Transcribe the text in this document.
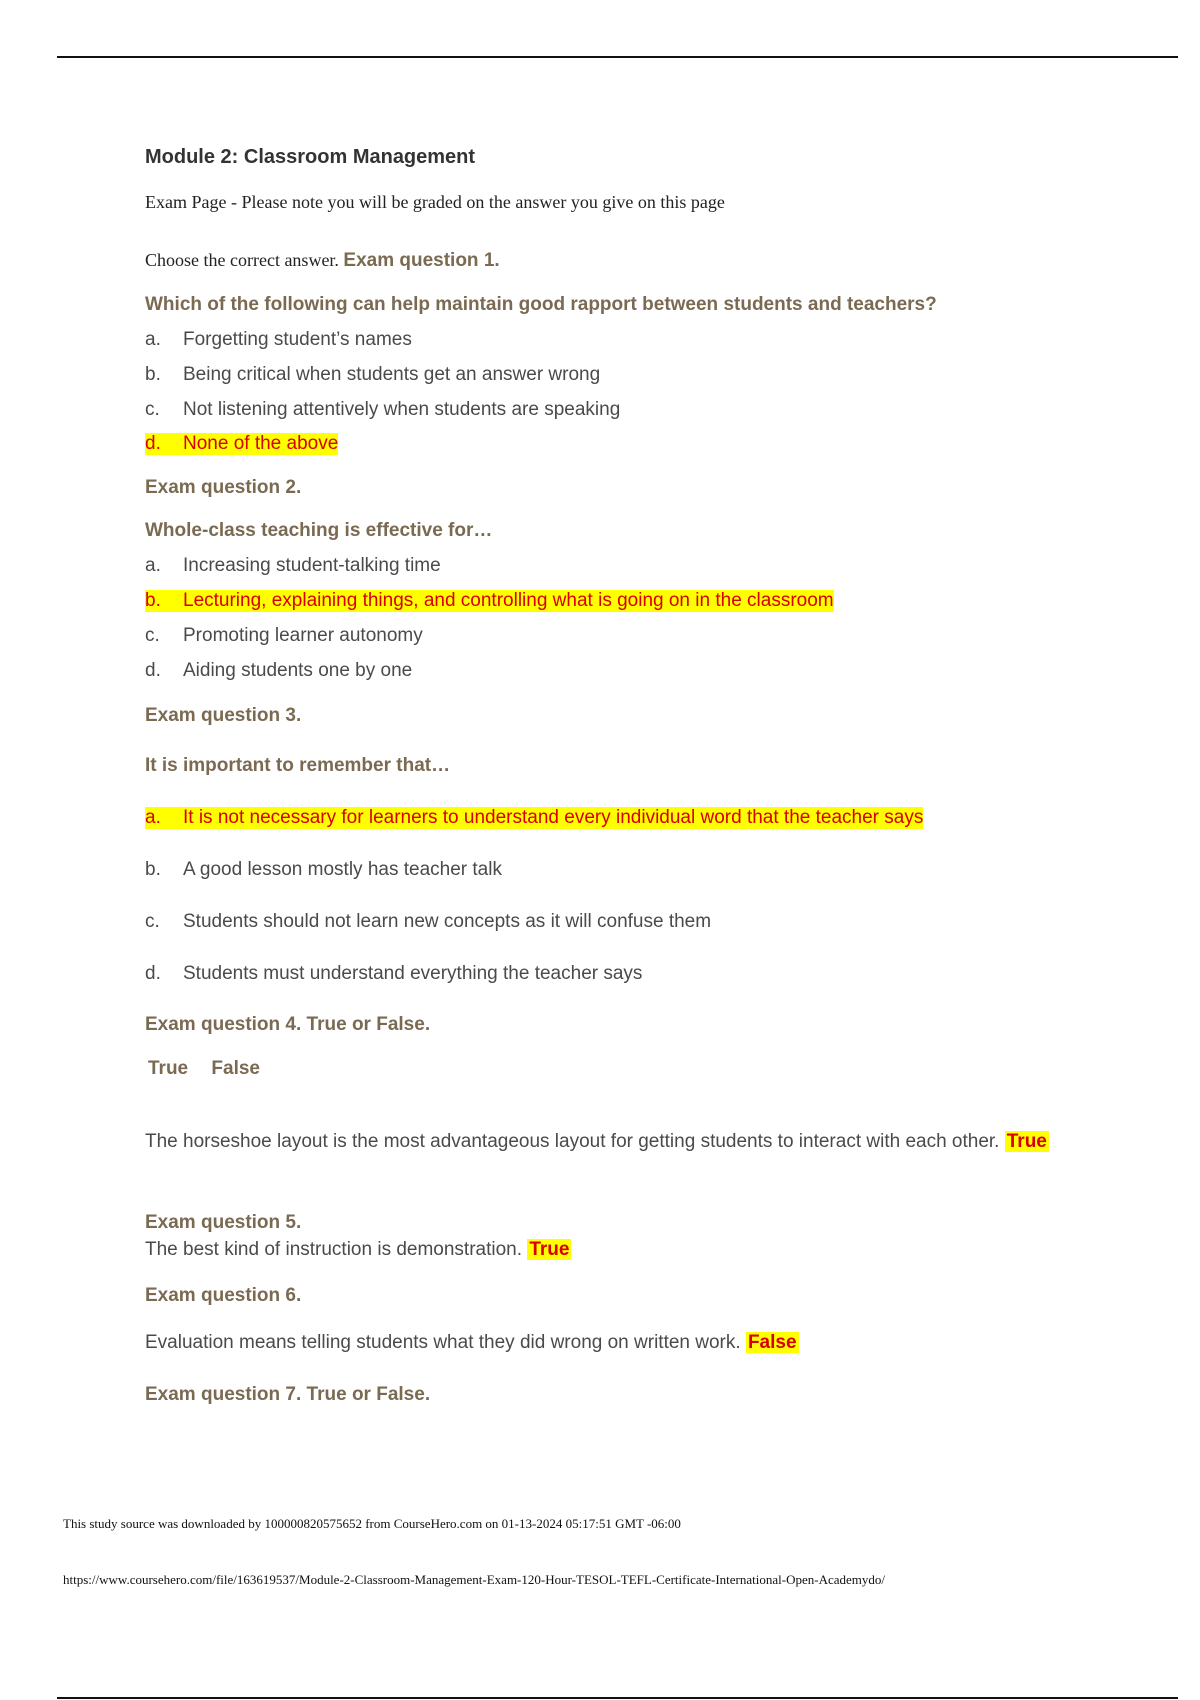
Module 2: Classroom Management
Exam Page - Please note you will be graded on the answer you give on this page
Choose the correct answer. Exam question 1.
Which of the following can help maintain good rapport between students and teachers?
a. Forgetting student’s names
b. Being critical when students get an answer wrong
c. Not listening attentively when students are speaking
d. None of the above
Exam question 2.
Whole-class teaching is effective for…
a. Increasing student-talking time
b. Lecturing, explaining things, and controlling what is going on in the classroom
c. Promoting learner autonomy
d. Aiding students one by one
Exam question 3.
It is important to remember that…
a. It is not necessary for learners to understand every individual word that the teacher says
b. A good lesson mostly has teacher talk
c. Students should not learn new concepts as it will confuse them
d. Students must understand everything the teacher says
Exam question 4. True or False.
True False
The horseshoe layout is the most advantageous layout for getting students to interact with each other. True
Exam question 5.
The best kind of instruction is demonstration. True
Exam question 6.
Evaluation means telling students what they did wrong on written work. False
Exam question 7. True or False.
This study source was downloaded by 100000820575652 from CourseHero.com on 01-13-2024 05:17:51 GMT -06:00
https://www.coursehero.com/file/163619537/Module-2-Classroom-Management-Exam-120-Hour-TESOL-TEFL-Certificate-International-Open-Academydo/
